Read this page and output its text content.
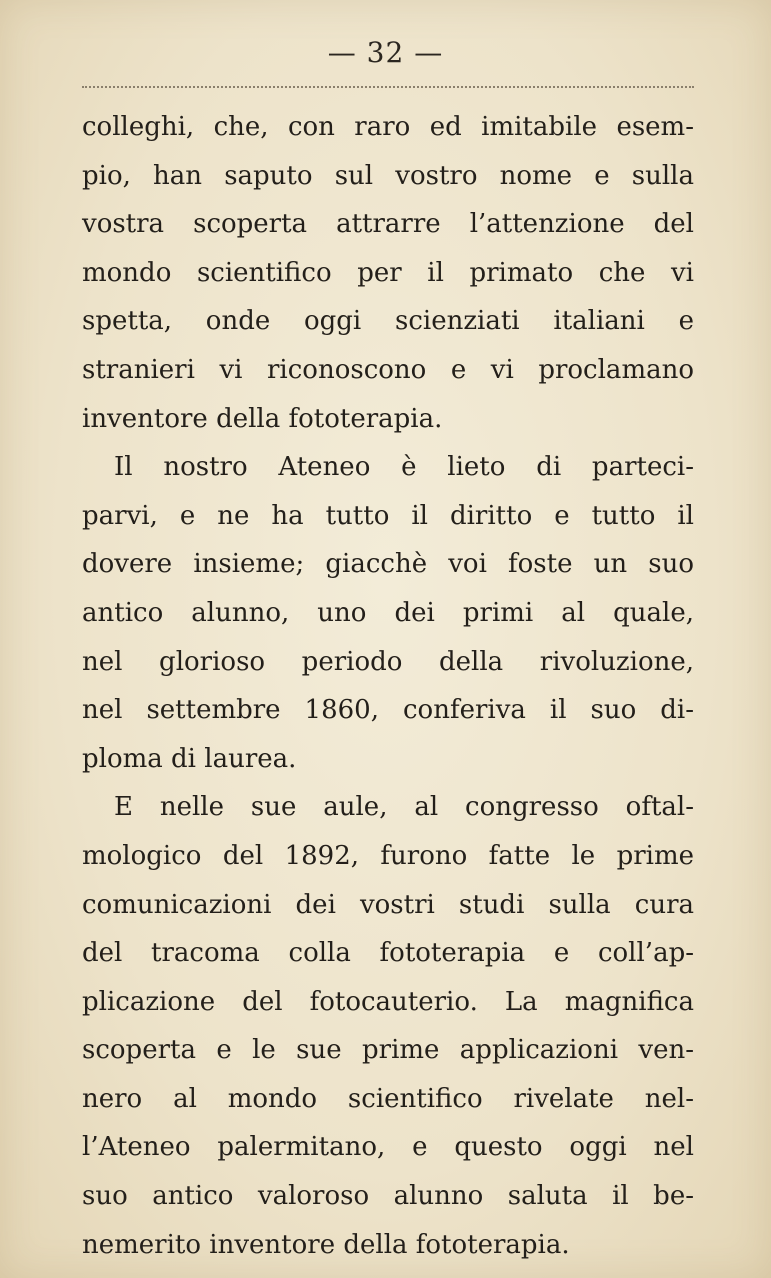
— 32 —
colleghi, che, con raro ed imitabile esem-
pio, han saputo sul vostro nome e sulla
vostra scoperta attrarre l’attenzione del
mondo scientifico per il primato che vi
spetta, onde oggi scienziati italiani e
stranieri vi riconoscono e vi proclamano
inventore della fototerapia.
Il nostro Ateneo è lieto di parteci-
parvi, e ne ha tutto il diritto e tutto il
dovere insieme; giacchè voi foste un suo
antico alunno, uno dei primi al quale,
nel glorioso periodo della rivoluzione,
nel settembre 1860, conferiva il suo di-
ploma di laurea.
E nelle sue aule, al congresso oftal-
mologico del 1892, furono fatte le prime
comunicazioni dei vostri studi sulla cura
del tracoma colla fototerapia e coll’ap-
plicazione del fotocauterio. La magnifica
scoperta e le sue prime applicazioni ven-
nero al mondo scientifico rivelate nel-
l’Ateneo palermitano, e questo oggi nel
suo antico valoroso alunno saluta il be-
nemerito inventore della fototerapia.
